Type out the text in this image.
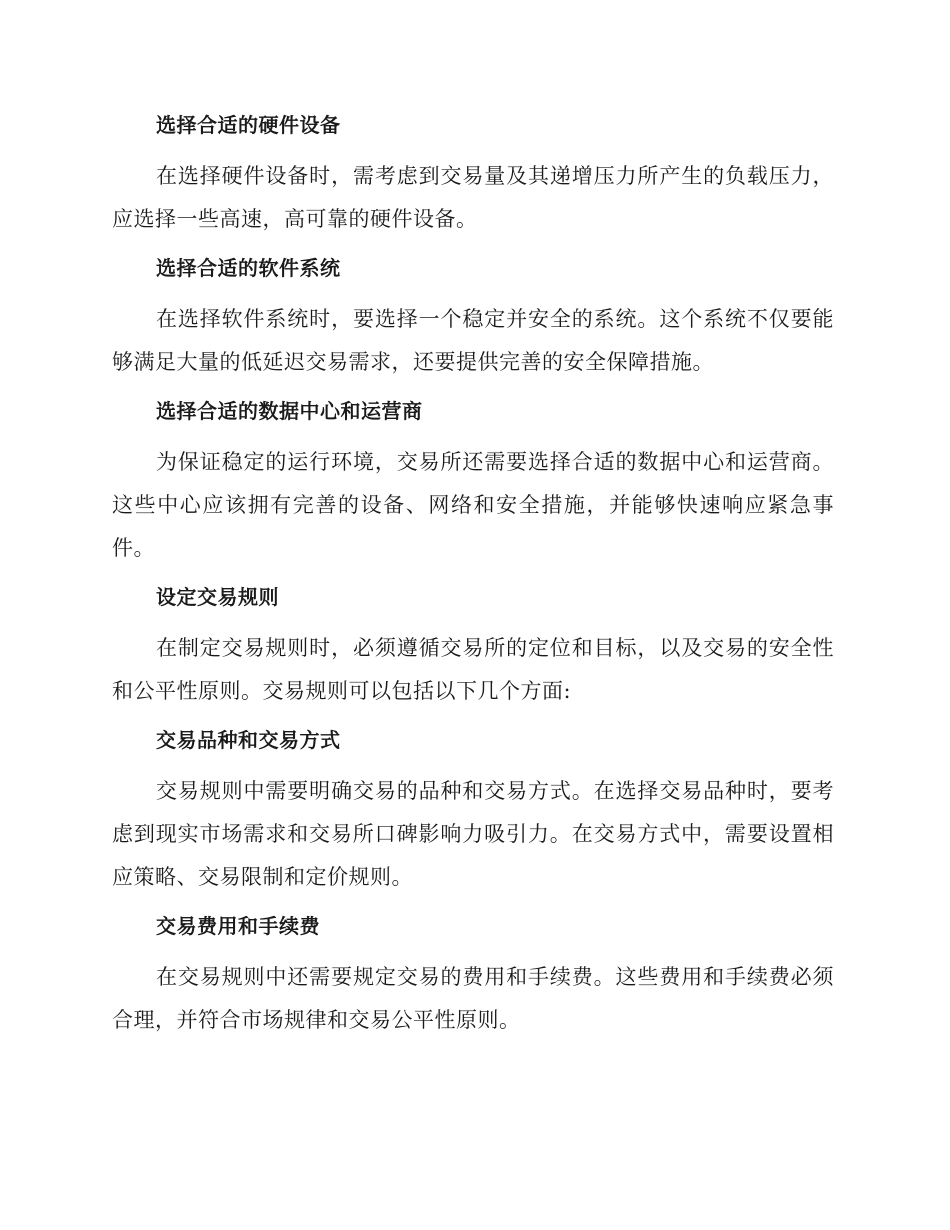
选择合适的硬件设备
在选择硬件设备时，需考虑到交易量及其递增压力所产生的负载压力，应选择一些高速，高可靠的硬件设备。
选择合适的软件系统
在选择软件系统时，要选择一个稳定并安全的系统。这个系统不仅要能够满足大量的低延迟交易需求，还要提供完善的安全保障措施。
选择合适的数据中心和运营商
为保证稳定的运行环境，交易所还需要选择合适的数据中心和运营商。这些中心应该拥有完善的设备、网络和安全措施，并能够快速响应紧急事件。
设定交易规则
在制定交易规则时，必须遵循交易所的定位和目标，以及交易的安全性和公平性原则。交易规则可以包括以下几个方面:
交易品种和交易方式
交易规则中需要明确交易的品种和交易方式。在选择交易品种时，要考虑到现实市场需求和交易所口碑影响力吸引力。在交易方式中，需要设置相应策略、交易限制和定价规则。
交易费用和手续费
在交易规则中还需要规定交易的费用和手续费。这些费用和手续费必须合理，并符合市场规律和交易公平性原则。
